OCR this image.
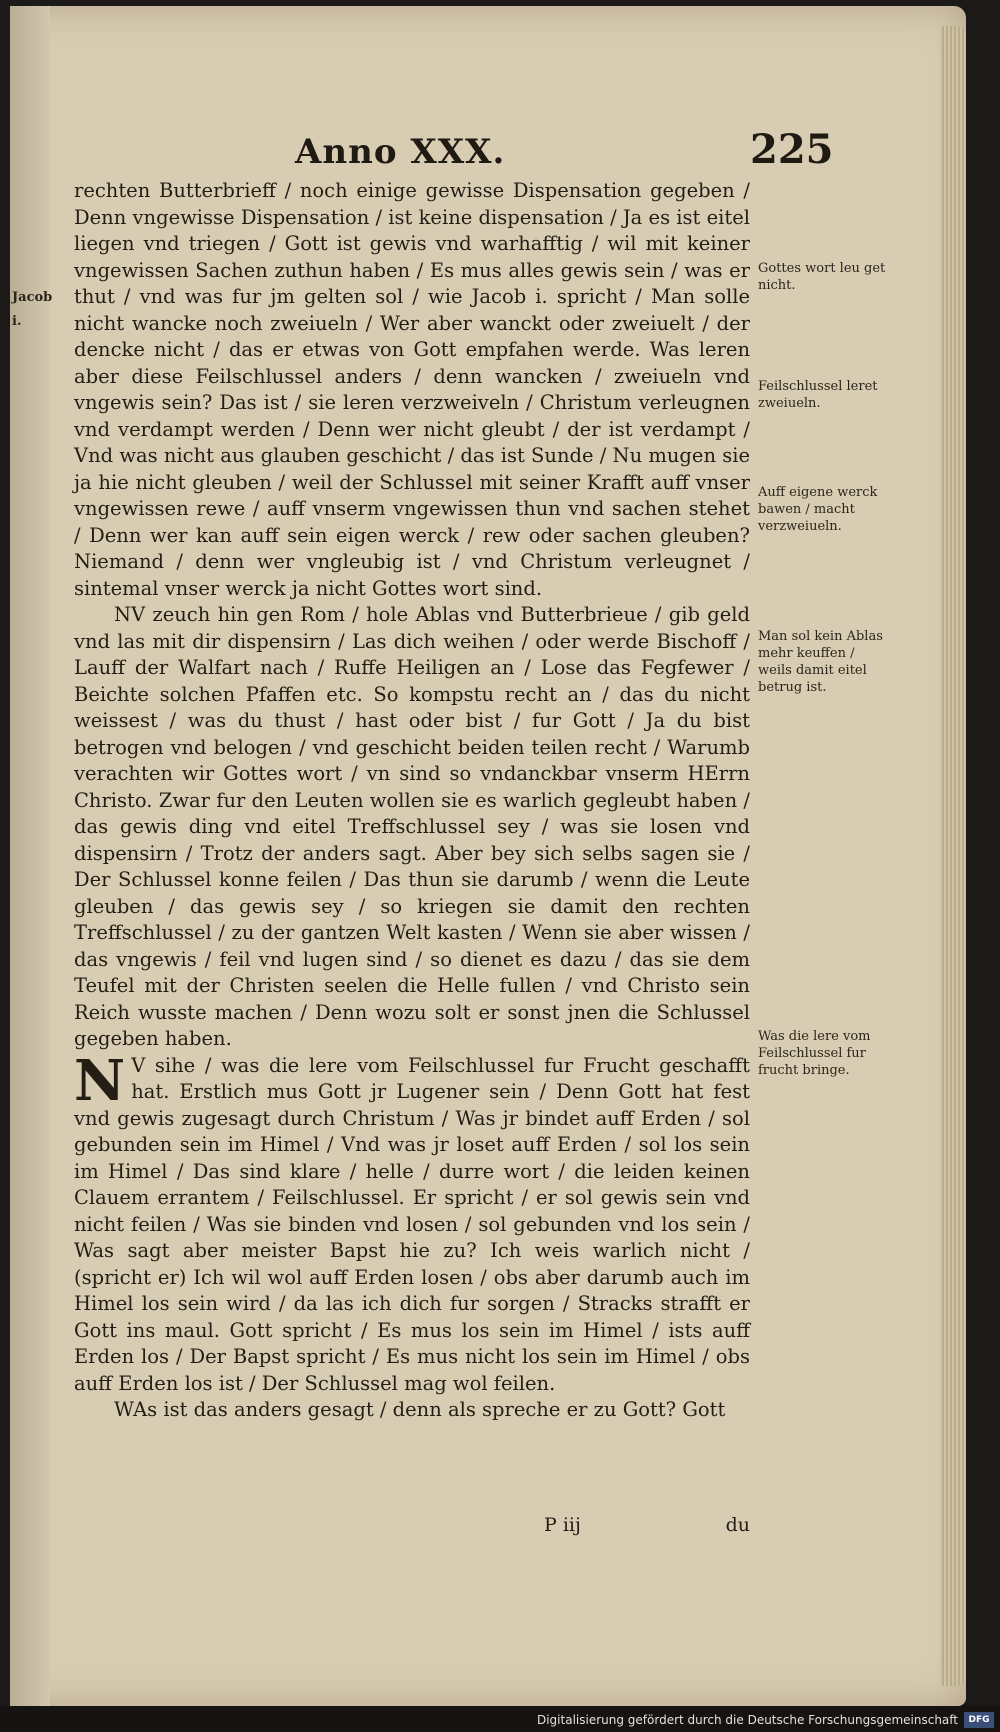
Jacob
i.
Anno XXX.	225

rechten Butterbrieff / noch einige gewisse Dispensation gegeben / Denn vngewisse Dispensation / ist keine dispensation / Ja es ist eitel liegen vnd triegen / Gott ist gewis vnd warhafftig / wil mit keiner vngewissen Sachen zuthun haben / Es mus alles gewis sein / was er thut / vnd was fur jm gelten sol / wie Jacob i. spricht / Man solle nicht wancke noch zweiueln / Wer aber wanckt oder zweiuelt / der dencke nicht / das er etwas von Gott empfahen werde. Was leren aber diese Feilschlussel anders / denn wancken / zweiueln vnd vngewis sein? Das ist / sie leren verzweiveln / Christum verleugnen vnd verdampt werden / Denn wer nicht gleubt / der ist verdampt / Vnd was nicht aus glauben geschicht / das ist Sunde / Nu mugen sie ja hie nicht gleuben / weil der Schlussel mit seiner Krafft auff vnser vngewissen rewe / auff vnserm vngewissen thun vnd sachen stehet / Denn wer kan auff sein eigen werck / rew oder sachen gleuben? Niemand / denn wer vngleubig ist / vnd Christum verleugnet / sintemal vnser werck ja nicht Gottes wort sind.

NV zeuch hin gen Rom / hole Ablas vnd Butterbrieue / gib geld vnd las mit dir dispensirn / Las dich weihen / oder werde Bischoff / Lauff der Walfart nach / Ruffe Heiligen an / Lose das Fegfewer / Beichte solchen Pfaffen etc. So kompstu recht an / das du nicht weissest / was du thust / hast oder bist / fur Gott / Ja du bist betrogen vnd belogen / vnd geschicht beiden teilen recht / Warumb verachten wir Gottes wort / vn sind so vndanckbar vnserm HErrn Christo. Zwar fur den Leuten wollen sie es warlich gegleubt haben / das gewis ding vnd eitel Treffschlussel sey / was sie losen vnd dispensirn / Trotz der anders sagt. Aber bey sich selbs sagen sie / Der Schlussel konne feilen / Das thun sie darumb / wenn die Leute gleuben / das gewis sey / so kriegen sie damit den rechten Treffschlussel / zu der gantzen Welt kasten / Wenn sie aber wissen / das vngewis / feil vnd lugen sind / so dienet es dazu / das sie dem Teufel mit der Christen seelen die Helle fullen / vnd Christo sein Reich wusste machen / Denn wozu solt er sonst jnen die Schlussel gegeben haben.

NV sihe / was die lere vom Feilschlussel fur Frucht geschafft hat. Erstlich mus Gott jr Lugener sein / Denn Gott hat fest vnd gewis zugesagt durch Christum / Was jr bindet auff Erden / sol gebunden sein im Himel / Vnd was jr loset auff Erden / sol los sein im Himel / Das sind klare / helle / durre wort / die leiden keinen Clauem errantem / Feilschlussel. Er spricht / er sol gewis sein vnd nicht feilen / Was sie binden vnd losen / sol gebunden vnd los sein / Was sagt aber meister Bapst hie zu? Ich weis warlich nicht / (spricht er) Ich wil wol auff Erden losen / obs aber darumb auch im Himel los sein wird / da las ich dich fur sorgen / Stracks strafft er Gott ins maul. Gott spricht / Es mus los sein im Himel / ists auff Erden los / Der Bapst spricht / Es mus nicht los sein im Himel / obs auff Erden los ist / Der Schlussel mag wol feilen.

WAs ist das anders gesagt / denn als spreche er zu Gott? Gott

P iij	du
Gottes wort leu get nicht.
Feilschlussel leret zweiueln.
Auff eigene werck bawen / macht verzweiueln.
Man sol kein Ablas mehr keuffen / weils damit eitel betrug ist.
Was die lere vom Feilschlussel fur frucht bringe.
Digitalisierung gefördert durch die Deutsche Forschungsgemeinschaft	DFG
